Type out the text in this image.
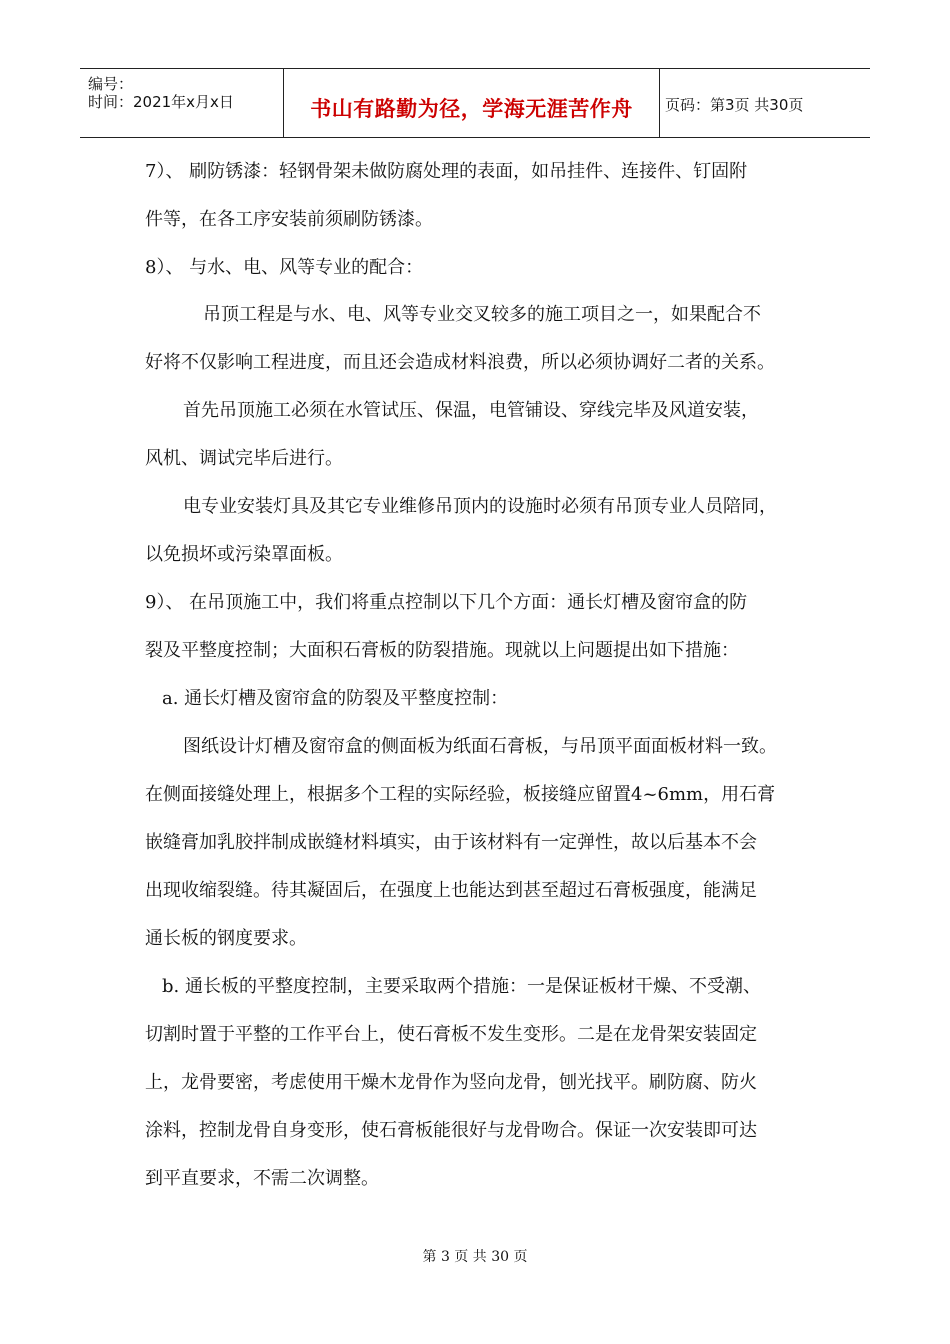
编号：
时间：2021年x月x日	书山有路勤为径，学海无涯苦作舟	页码：第3页 共30页
7）、 刷防锈漆：轻钢骨架未做防腐处理的表面，如吊挂件、连接件、钉固附
件等，在各工序安装前须刷防锈漆。
8）、 与水、电、风等专业的配合：
吊顶工程是与水、电、风等专业交叉较多的施工项目之一，如果配合不
好将不仅影响工程进度，而且还会造成材料浪费，所以必须协调好二者的关系。
首先吊顶施工必须在水管试压、保温，电管铺设、穿线完毕及风道安装，
风机、调试完毕后进行。
电专业安装灯具及其它专业维修吊顶内的设施时必须有吊顶专业人员陪同，
以免损坏或污染罩面板。
9）、 在吊顶施工中，我们将重点控制以下几个方面：通长灯槽及窗帘盒的防
裂及平整度控制；大面积石膏板的防裂措施。现就以上问题提出如下措施：
a. 通长灯槽及窗帘盒的防裂及平整度控制：
图纸设计灯槽及窗帘盒的侧面板为纸面石膏板，与吊顶平面面板材料一致。
在侧面接缝处理上，根据多个工程的实际经验，板接缝应留置4~6mm，用石膏
嵌缝膏加乳胶拌制成嵌缝材料填实，由于该材料有一定弹性，故以后基本不会
出现收缩裂缝。待其凝固后，在强度上也能达到甚至超过石膏板强度，能满足
通长板的钢度要求。
b. 通长板的平整度控制，主要采取两个措施：一是保证板材干燥、不受潮、
切割时置于平整的工作平台上，使石膏板不发生变形。二是在龙骨架安装固定
上，龙骨要密，考虑使用干燥木龙骨作为竖向龙骨，刨光找平。刷防腐、防火
涂料，控制龙骨自身变形，使石膏板能很好与龙骨吻合。保证一次安装即可达
到平直要求，不需二次调整。
第 3 页 共 30 页
